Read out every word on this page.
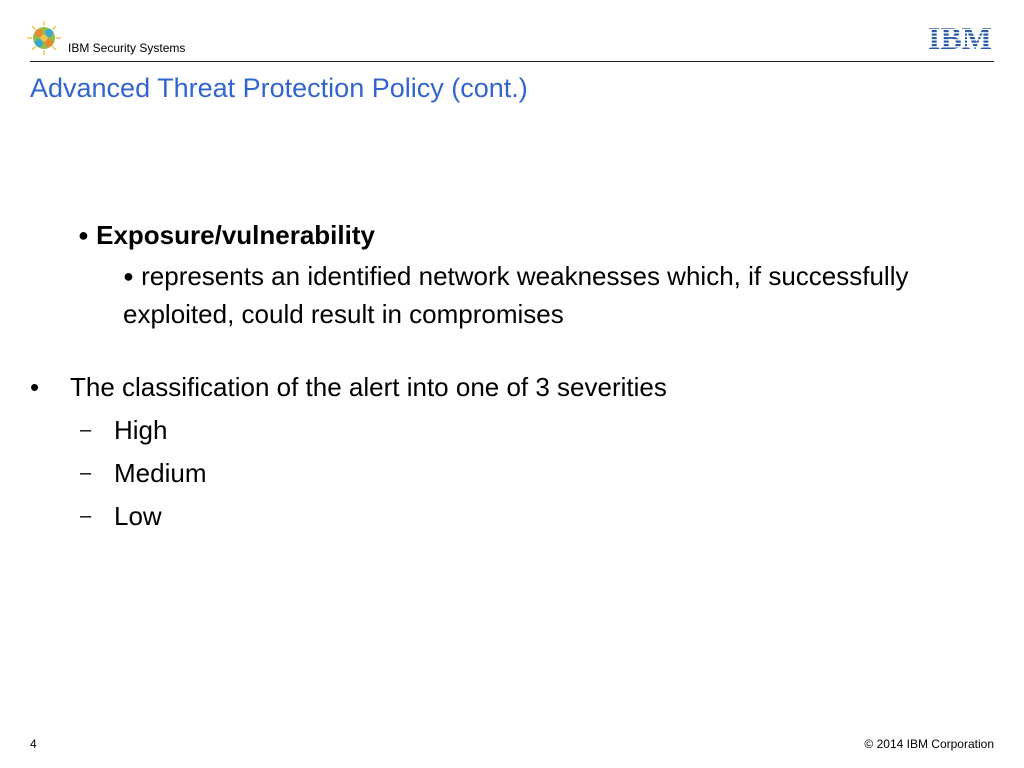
IBM Security Systems	IBM
Advanced Threat Protection Policy (cont.)
● Exposure/vulnerability
● represents an identified network weaknesses which, if successfully exploited, could result in compromises
• The classification of the alert into one of 3 severities
– High
– Medium
– Low
4	© 2014 IBM Corporation
